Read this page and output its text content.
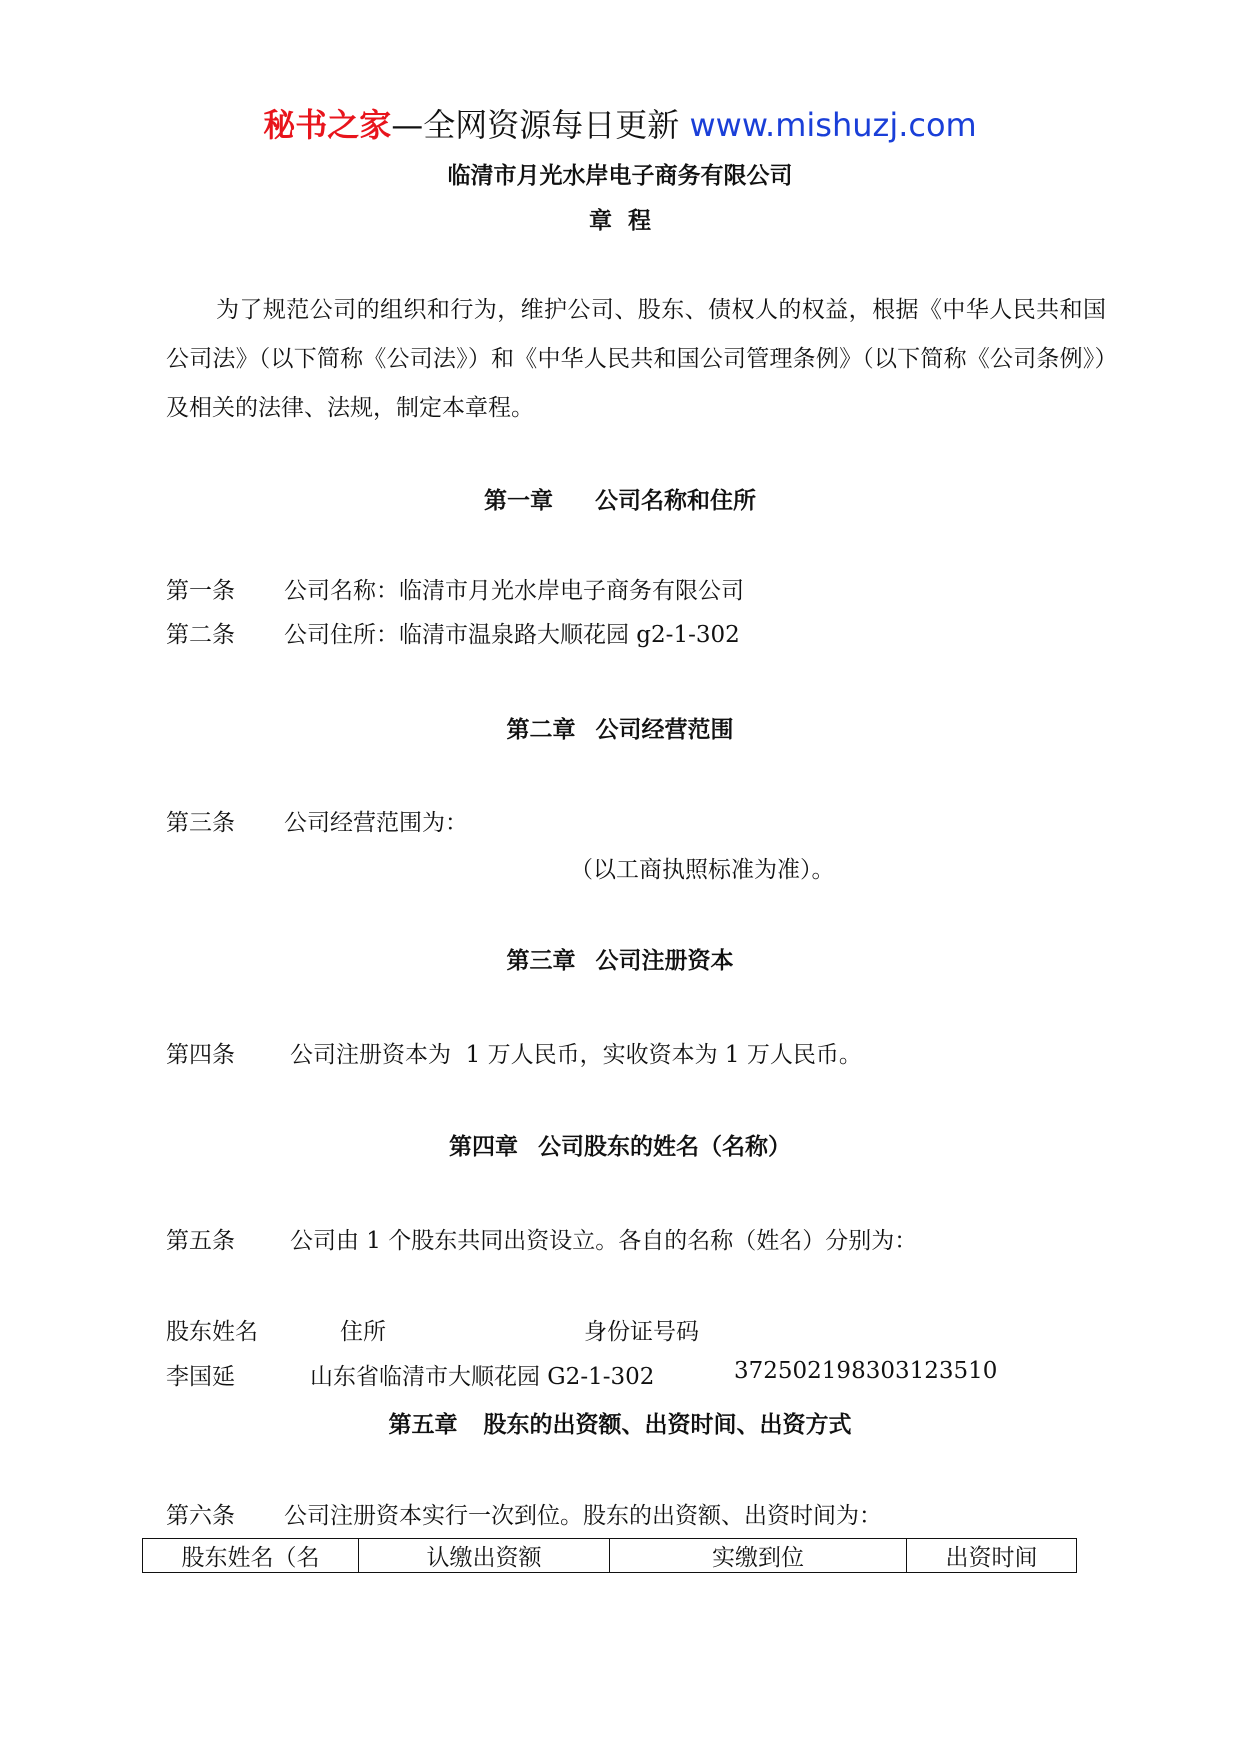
秘书之家—全网资源每日更新 www.mishuzj.com
临清市月光水岸电子商务有限公司
章程

为了规范公司的组织和行为，维护公司、股东、债权人的权益，根据《中华人民共和国公司法》（以下简称《公司法》）和《中华人民共和国公司管理条例》（以下简称《公司条例》）及相关的法律、法规，制定本章程。

第一章 公司名称和住所
第一条 公司名称：临清市月光水岸电子商务有限公司
第二条 公司住所：临清市温泉路大顺花园 g2-1-302
第二章 公司经营范围
第三条 公司经营范围为：
（以工商执照标准为准）。
第三章 公司注册资本
第四条 公司注册资本为  1 万人民币，实收资本为 1 万人民币。
第四章 公司股东的姓名（名称）
第五条 公司由 1 个股东共同出资设立。各自的名称（姓名）分别为：
股东姓名	住所	身份证号码
李国延	山东省临清市大顺花园 G2-1-302	372502198303123510
第五章 股东的出资额、出资时间、出资方式
第六条 公司注册资本实行一次到位。股东的出资额、出资时间为：
股东姓名（名	认缴出资额	实缴到位	出资时间
